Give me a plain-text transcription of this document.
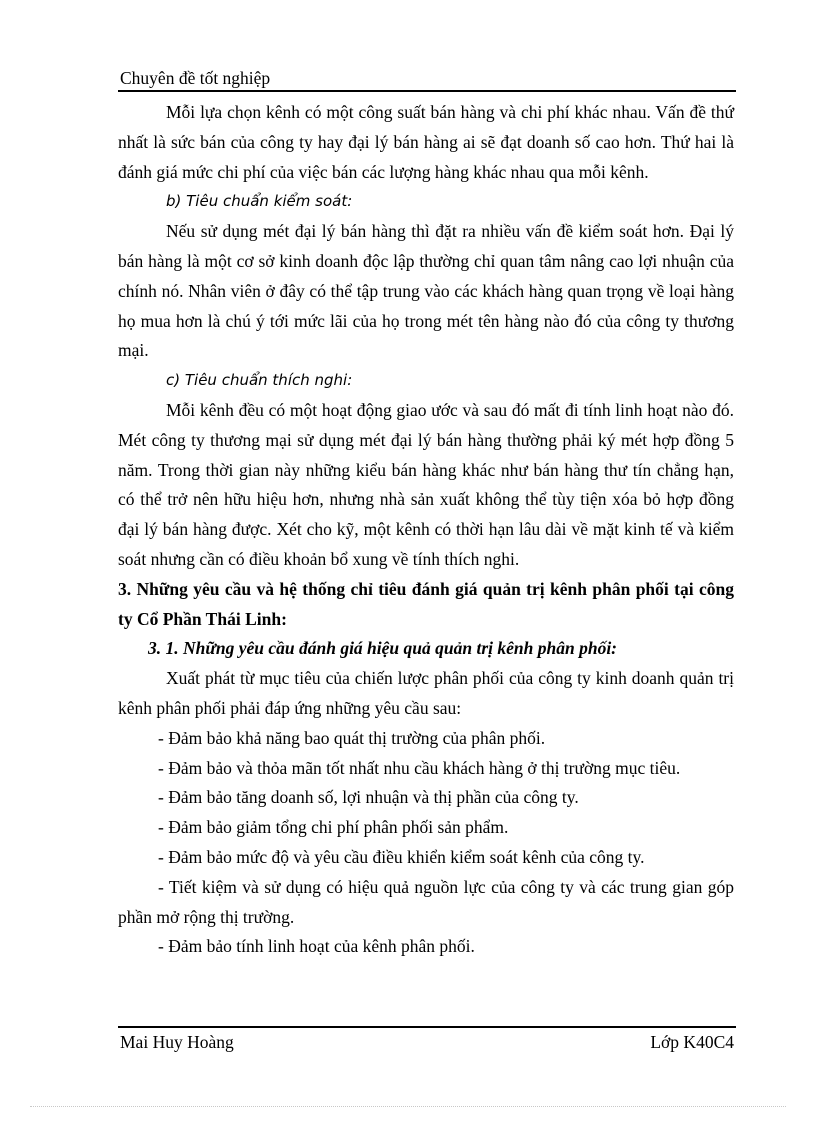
Chuyên đề tốt nghiệp

Mỗi lựa chọn kênh có một công suất bán hàng và chi phí khác nhau. Vấn đề thứ nhất là sức bán của công ty hay đại lý bán hàng ai sẽ đạt doanh số cao hơn. Thứ hai là đánh giá mức chi phí của việc bán các lượng hàng khác nhau qua mỗi kênh.

b) Tiêu chuẩn kiểm soát:

Nếu sử dụng mét đại lý bán hàng thì đặt ra nhiều vấn đề kiểm soát hơn. Đại lý bán hàng là một cơ sở kinh doanh độc lập thường chỉ quan tâm nâng cao lợi nhuận của chính nó. Nhân viên ở đây có thể tập trung vào các khách hàng quan trọng về loại hàng họ mua hơn là chú ý tới mức lãi của họ trong mét tên hàng nào đó của công ty thương mại.

c) Tiêu chuẩn thích nghi:

Mỗi kênh đều có một hoạt động giao ước và sau đó mất đi tính linh hoạt nào đó. Mét công ty thương mại sử dụng mét đại lý bán hàng thường phải ký mét hợp đồng 5 năm. Trong thời gian này những kiểu bán hàng khác như bán hàng thư tín chẳng hạn, có thể trở nên hữu hiệu hơn, nhưng nhà sản xuất không thể tùy tiện xóa bỏ hợp đồng đại lý bán hàng được. Xét cho kỹ, một kênh có thời hạn lâu dài về mặt kinh tế và kiểm soát nhưng cần có điều khoản bổ xung về tính thích nghi.

3. Những yêu cầu và hệ thống chỉ tiêu đánh giá quản trị kênh phân phối tại công ty Cổ Phần Thái Linh:

3. 1. Những yêu cầu đánh giá hiệu quả quản trị kênh phân phối:

Xuất phát từ mục tiêu của chiến lược phân phối của công ty kinh doanh quản trị kênh phân phối phải đáp ứng những yêu cầu sau:

- Đảm bảo khả năng bao quát thị trường của phân phối.

- Đảm bảo và thỏa mãn tốt nhất nhu cầu khách hàng ở thị trường mục tiêu.

- Đảm bảo tăng doanh số, lợi nhuận và thị phần của công ty.

- Đảm bảo giảm tổng chi phí phân phối sản phẩm.

- Đảm bảo mức độ và yêu cầu điều khiển kiểm soát kênh của công ty.

- Tiết kiệm và sử dụng có hiệu quả nguồn lực của công ty và các trung gian góp phần mở rộng thị trường.

- Đảm bảo tính linh hoạt của kênh phân phối.

Mai Huy Hoàng	Lớp K40C4
